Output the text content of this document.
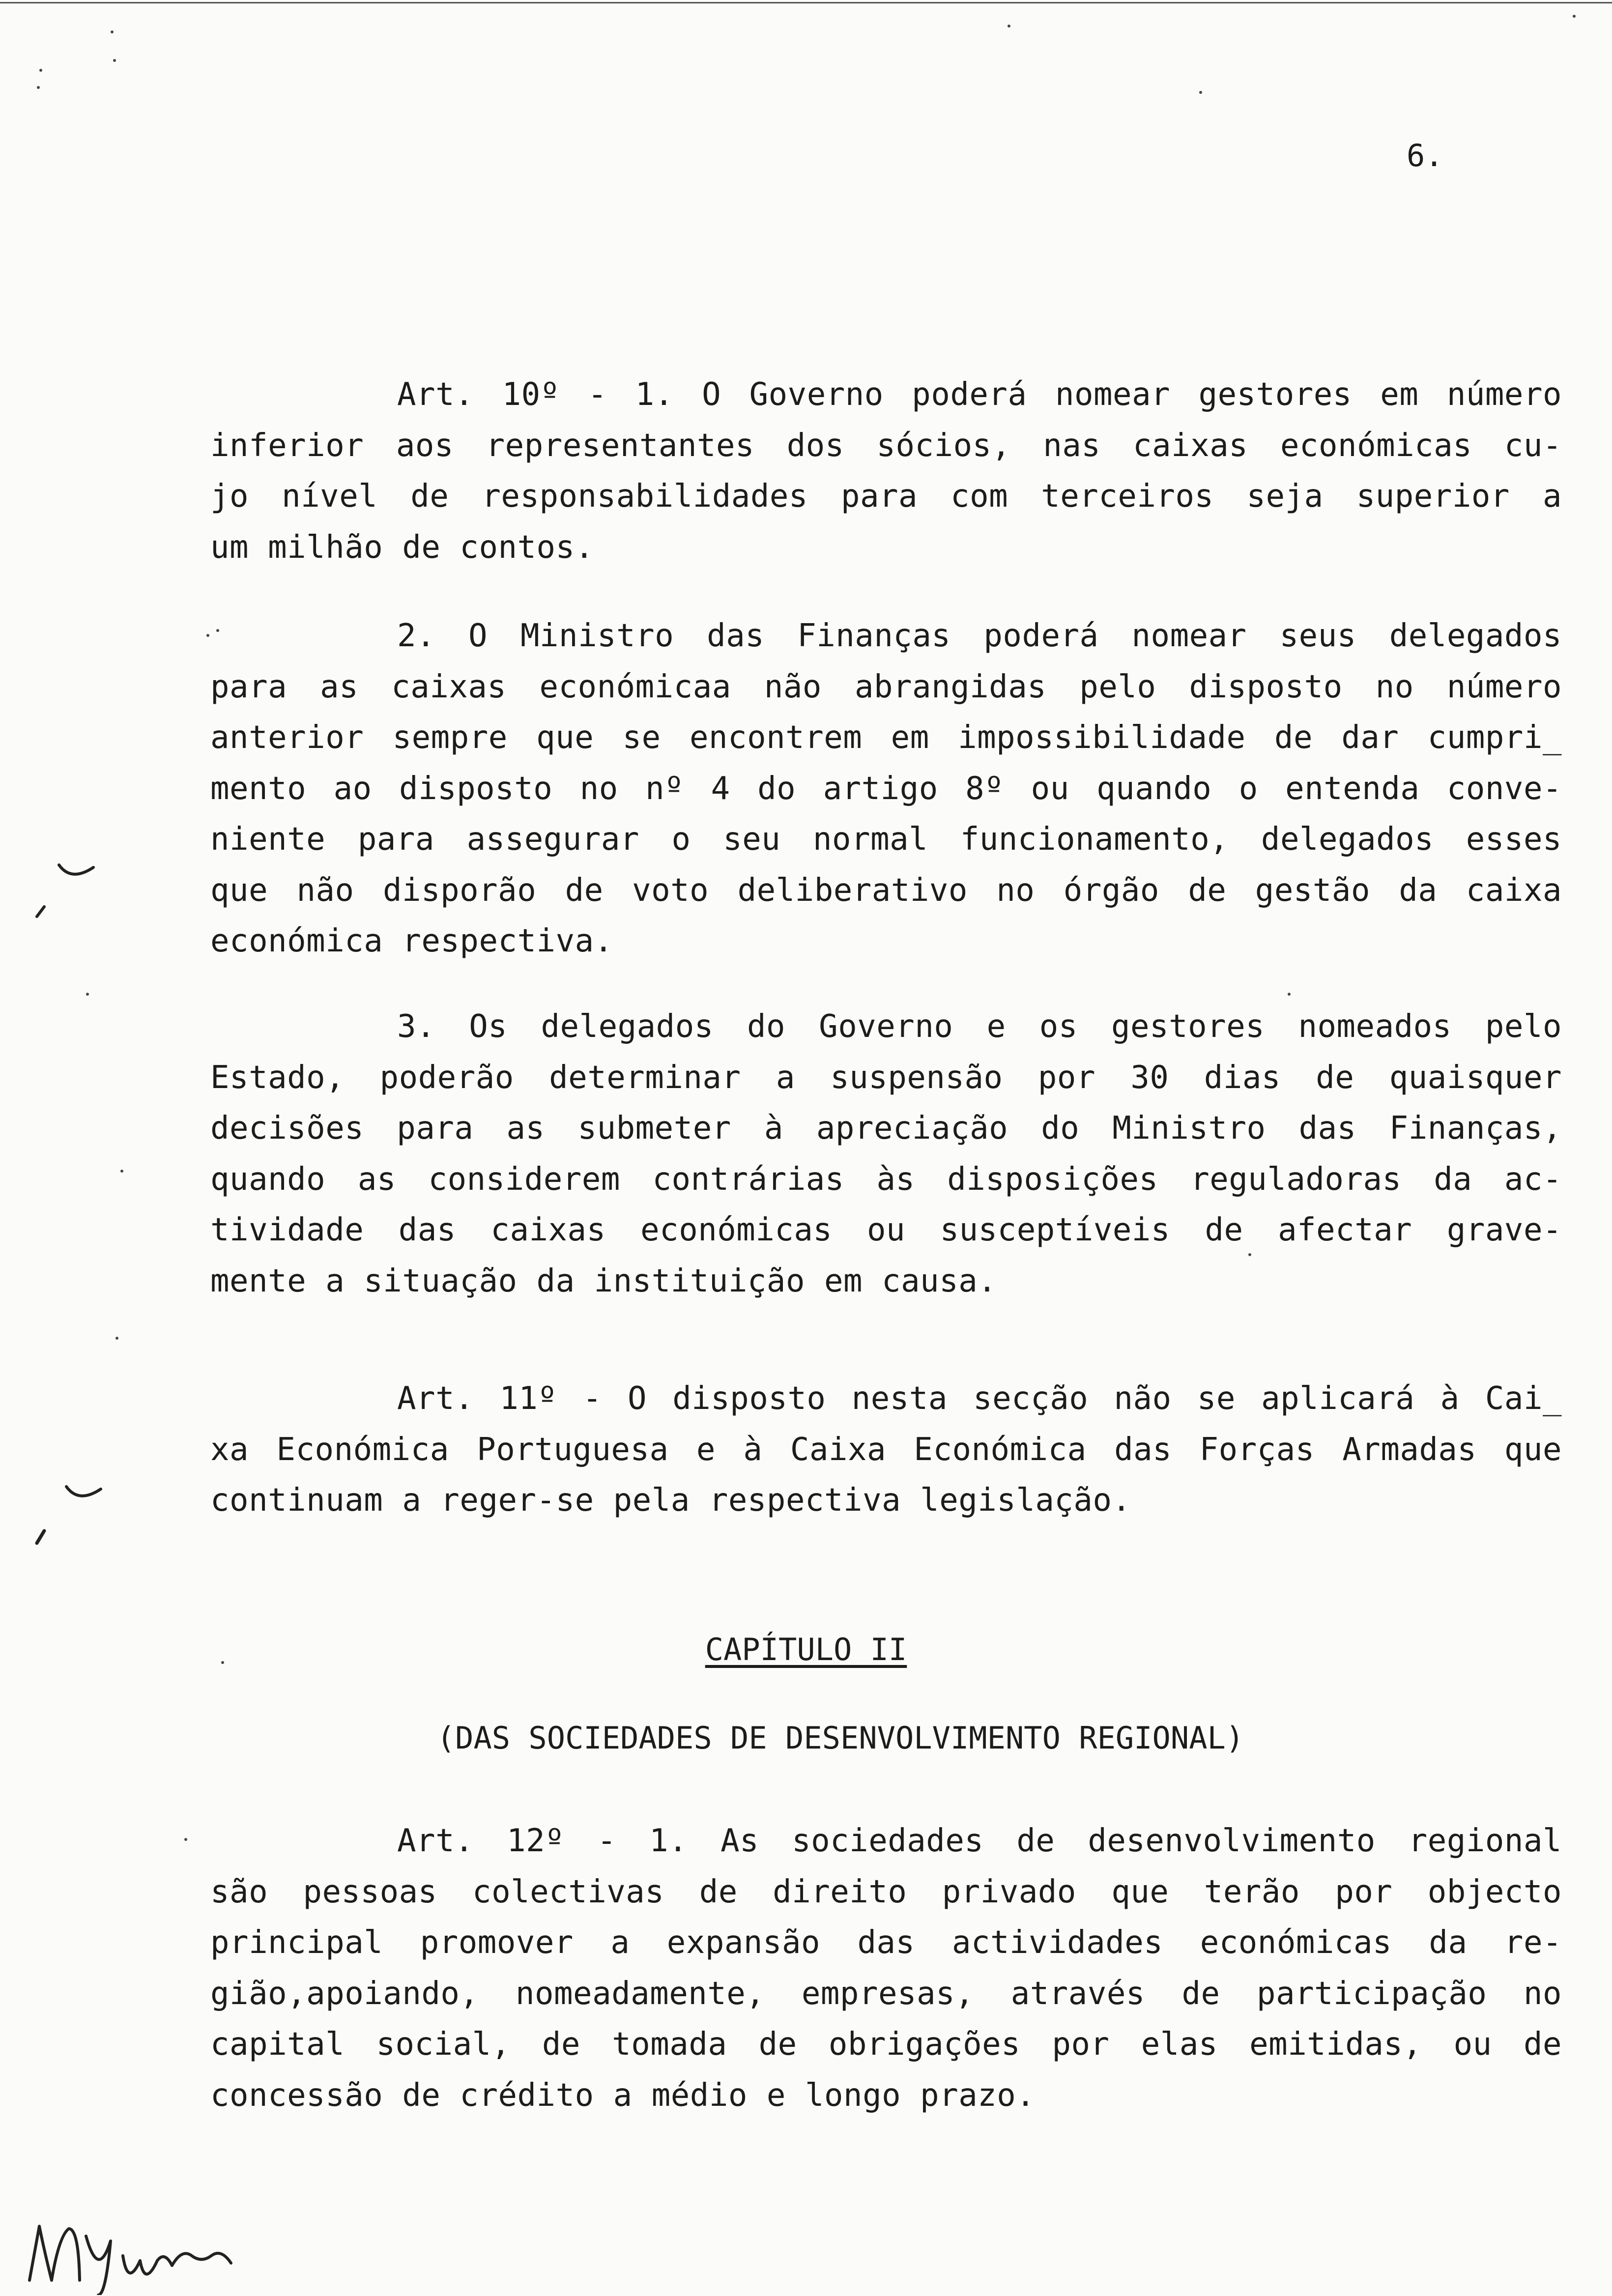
6.

Art. 10º - 1. O Governo poderá nomear gestores em número
inferior aos representantes dos sócios, nas caixas económicas cu-
jo nível de responsabilidades para com terceiros seja superior a
um milhão de contos.

2. O Ministro das Finanças poderá nomear seus delegados
para as caixas económicaa não abrangidas pelo disposto no número
anterior sempre que se encontrem em impossibilidade de dar cumpri_
mento ao disposto no nº 4 do artigo 8º ou quando o entenda conve-
niente para assegurar o seu normal funcionamento, delegados esses
que não disporão de voto deliberativo no órgão de gestão da caixa
económica respectiva.

3. Os delegados do Governo e os gestores nomeados pelo
Estado, poderão determinar a suspensão por 30 dias de quaisquer
decisões para as submeter à apreciação do Ministro das Finanças,
quando as considerem contrárias às disposições reguladoras da ac-
tividade das caixas económicas ou susceptíveis de afectar grave-
mente a situação da instituição em causa.

Art. 11º - O disposto nesta secção não se aplicará à Cai_
xa Económica Portuguesa e à Caixa Económica das Forças Armadas que
continuam a reger-se pela respectiva legislação.

CAPÍTULO II
(DAS SOCIEDADES DE DESENVOLVIMENTO REGIONAL)

Art. 12º - 1. As sociedades de desenvolvimento regional
são pessoas colectivas de direito privado que terão por objecto
principal promover a expansão das actividades económicas da re-
gião,apoiando, nomeadamente, empresas, através de participação no
capital social, de tomada de obrigações por elas emitidas, ou de
concessão de crédito a médio e longo prazo.
